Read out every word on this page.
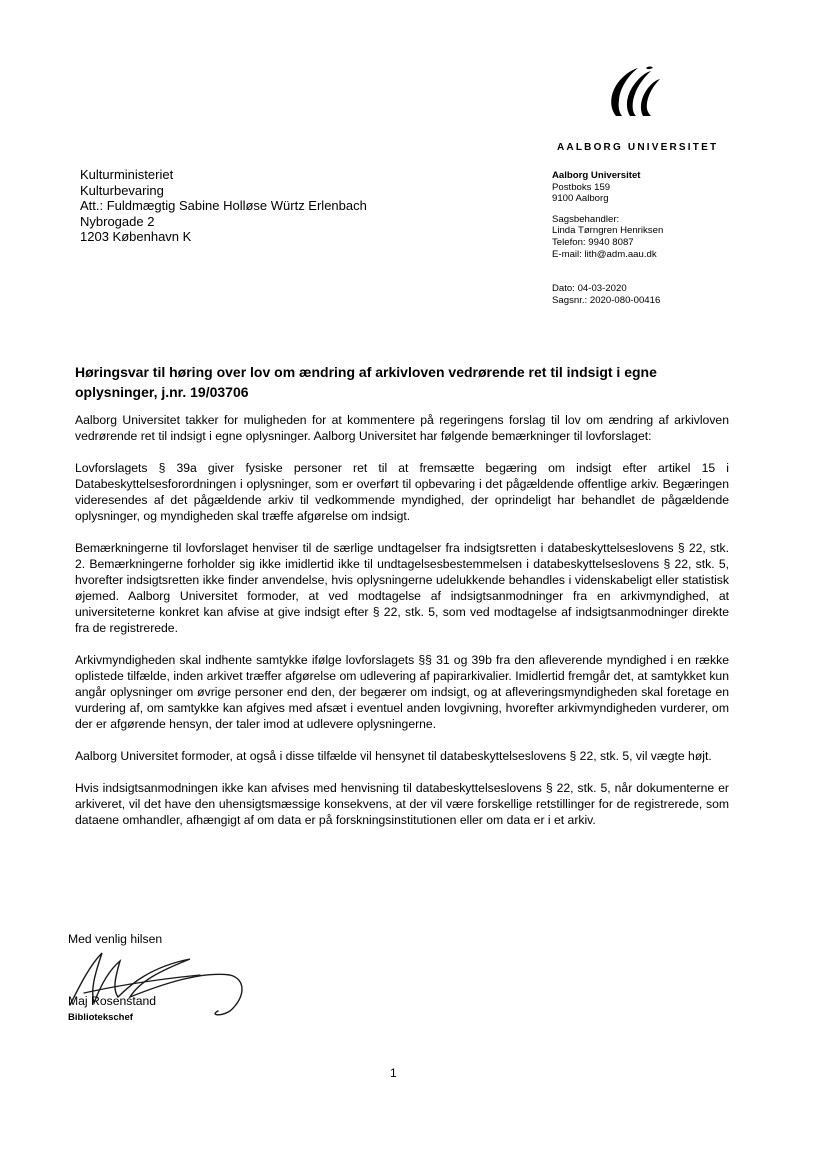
AALBORG UNIVERSITET
Kulturministeriet
Kulturbevaring
Att.: Fuldmægtig Sabine Holløse Würtz Erlenbach
Nybrogade 2
1203 København K
Aalborg Universitet
Postboks 159
9100 Aalborg
Sagsbehandler:
Linda Tørngren Henriksen
Telefon: 9940 8087
E-mail: lith@adm.aau.dk
Dato: 04-03-2020
Sagsnr.: 2020-080-00416
Høringsvar til høring over lov om ændring af arkivloven vedrørende ret til indsigt i egne oplysninger, j.nr. 19/03706

Aalborg Universitet takker for muligheden for at kommentere på regeringens forslag til lov om ændring af arkivloven vedrørende ret til indsigt i egne oplysninger. Aalborg Universitet har følgende bemærkninger til lovforslaget:

Lovforslagets § 39a giver fysiske personer ret til at fremsætte begæring om indsigt efter artikel 15 i Databeskyttelsesforordningen i oplysninger, som er overført til opbevaring i det pågældende offentlige arkiv. Begæringen videresendes af det pågældende arkiv til vedkommende myndighed, der oprindeligt har behandlet de pågældende oplysninger, og myndigheden skal træffe afgørelse om indsigt.

Bemærkningerne til lovforslaget henviser til de særlige undtagelser fra indsigtsretten i databeskyttelseslovens § 22, stk. 2. Bemærkningerne forholder sig ikke imidlertid ikke til undtagelsesbestemmelsen i databeskyttelseslovens § 22, stk. 5, hvorefter indsigtsretten ikke finder anvendelse, hvis oplysningerne udelukkende behandles i videnskabeligt eller statistisk øjemed. Aalborg Universitet formoder, at ved modtagelse af indsigtsanmodninger fra en arkivmyndighed, at universiteterne konkret kan afvise at give indsigt efter § 22, stk. 5, som ved modtagelse af indsigtsanmodninger direkte fra de registrerede.

Arkivmyndigheden skal indhente samtykke ifølge lovforslagets §§ 31 og 39b fra den afleverende myndighed i en række oplistede tilfælde, inden arkivet træffer afgørelse om udlevering af papirarkivalier. Imidlertid fremgår det, at samtykket kun angår oplysninger om øvrige personer end den, der begærer om indsigt, og at afleveringsmyndigheden skal foretage en vurdering af, om samtykke kan afgives med afsæt i eventuel anden lovgivning, hvorefter arkivmyndigheden vurderer, om der er afgørende hensyn, der taler imod at udlevere oplysningerne.

Aalborg Universitet formoder, at også i disse tilfælde vil hensynet til databeskyttelseslovens § 22, stk. 5, vil vægte højt.

Hvis indsigtsanmodningen ikke kan afvises med henvisning til databeskyttelseslovens § 22, stk. 5, når dokumenterne er arkiveret, vil det have den uhensigtsmæssige konsekvens, at der vil være forskellige retstillinger for de registrerede, som dataene omhandler, afhængigt af om data er på forskningsinstitutionen eller om data er i et arkiv.

Med venlig hilsen
Maj Rosenstand
Bibliotekschef
1
